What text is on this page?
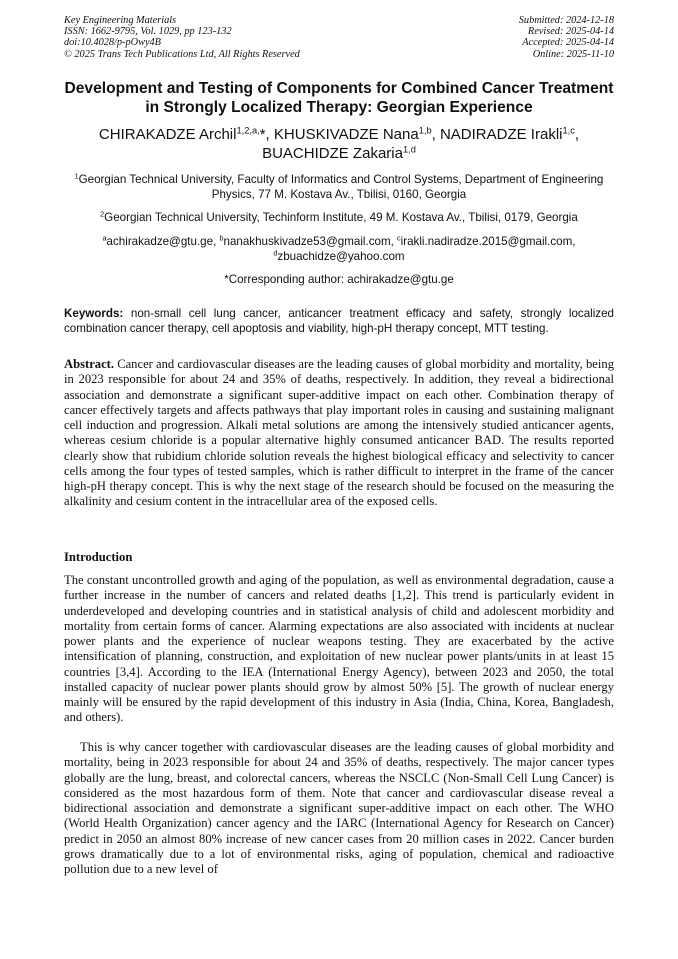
Key Engineering Materials
ISSN: 1662-9795, Vol. 1029, pp 123-132
doi:10.4028/p-pOwy4B
© 2025 Trans Tech Publications Ltd, All Rights Reserved
Submitted: 2024-12-18
Revised: 2025-04-14
Accepted: 2025-04-14
Online: 2025-11-10
Development and Testing of Components for Combined Cancer Treatment in Strongly Localized Therapy: Georgian Experience
CHIRAKADZE Archil$^{1,2,a,}$*, KHUSKIVADZE Nana$^{1,b}$, NADIRADZE Irakli$^{1,c}$,
BUACHIDZE Zakaria$^{1,d}$
$^1$Georgian Technical University, Faculty of Informatics and Control Systems, Department of Engineering Physics, 77 M. Kostava Av., Tbilisi, 0160, Georgia
$^2$Georgian Technical University, Techinform Institute, 49 M. Kostava Av., Tbilisi, 0179, Georgia
$^a$achirakadze@gtu.ge, $^b$nanakhuskivadze53@gmail.com, $^c$irakli.nadiradze.2015@gmail.com,
$^d$zbuachidze@yahoo.com
*Corresponding author: achirakadze@gtu.ge
Keywords: non-small cell lung cancer, anticancer treatment efficacy and safety, strongly localized combination cancer therapy, cell apoptosis and viability, high-pH therapy concept, MTT testing.

Abstract. Cancer and cardiovascular diseases are the leading causes of global morbidity and mortality, being in 2023 responsible for about 24 and 35% of deaths, respectively. In addition, they reveal a bidirectional association and demonstrate a significant super-additive impact on each other. Combination therapy of cancer effectively targets and affects pathways that play important roles in causing and sustaining malignant cell induction and progression. Alkali metal solutions are among the intensively studied anticancer agents, whereas cesium chloride is a popular alternative highly consumed anticancer BAD. The results reported clearly show that rubidium chloride solution reveals the highest biological efficacy and selectivity to cancer cells among the four types of tested samples, which is rather difficult to interpret in the frame of the cancer high-pH therapy concept. This is why the next stage of the research should be focused on the measuring the alkalinity and cesium content in the intracellular area of the exposed cells.

Introduction

The constant uncontrolled growth and aging of the population, as well as environmental degradation, cause a further increase in the number of cancers and related deaths [1,2]. This trend is particularly evident in underdeveloped and developing countries and in statistical analysis of child and adolescent morbidity and mortality from certain forms of cancer. Alarming expectations are also associated with incidents at nuclear power plants and the experience of nuclear weapons testing. They are exacerbated by the active intensification of planning, construction, and exploitation of new nuclear power plants/units in at least 15 countries [3,4]. According to the IEA (International Energy Agency), between 2023 and 2050, the total installed capacity of nuclear power plants should grow by almost 50% [5]. The growth of nuclear energy mainly will be ensured by the rapid development of this industry in Asia (India, China, Korea, Bangladesh, and others).

This is why cancer together with cardiovascular diseases are the leading causes of global morbidity and mortality, being in 2023 responsible for about 24 and 35% of deaths, respectively. The major cancer types globally are the lung, breast, and colorectal cancers, whereas the NSCLC (Non-Small Cell Lung Cancer) is considered as the most hazardous form of them. Note that cancer and cardiovascular disease reveal a bidirectional association and demonstrate a significant super-additive impact on each other. The WHO (World Health Organization) cancer agency and the IARC (International Agency for Research on Cancer) predict in 2050 an almost 80% increase of new cancer cases from 20 million cases in 2022. Cancer burden grows dramatically due to a lot of environmental risks, aging of population, chemical and radioactive pollution due to a new level of
